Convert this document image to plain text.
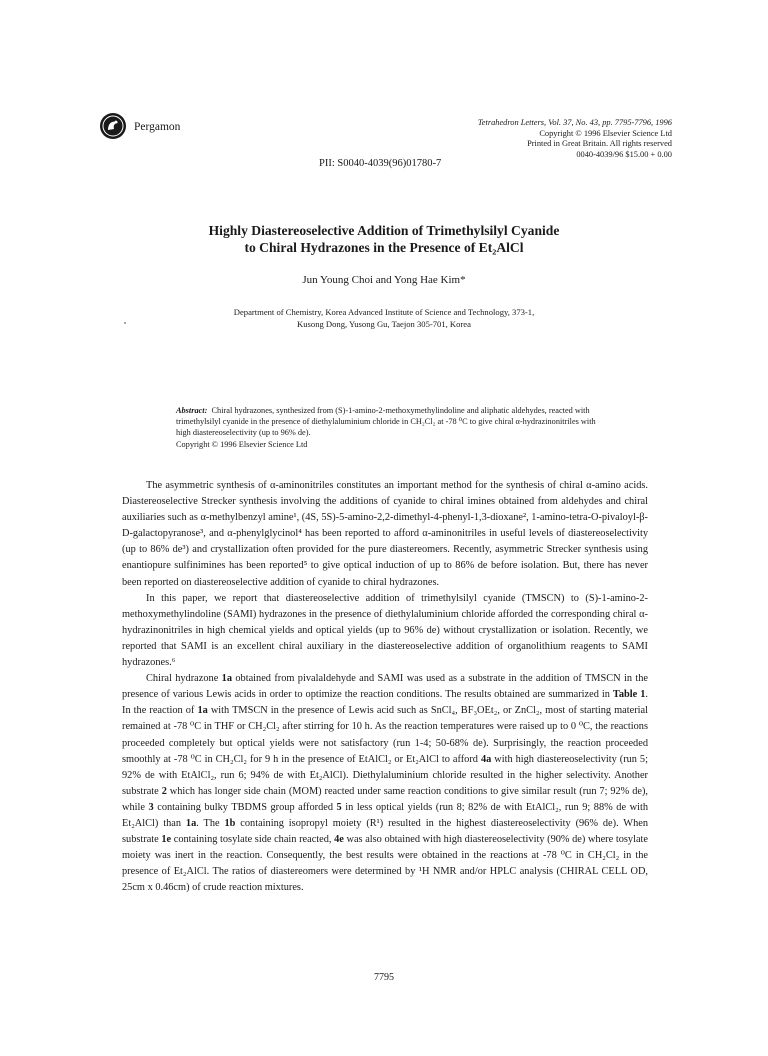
Pergamon	Tetrahedron Letters, Vol. 37, No. 43, pp. 7795-7796, 1996
Copyright © 1996 Elsevier Science Ltd
Printed in Great Britain. All rights reserved
0040-4039/96 $15.00 + 0.00
PII: S0040-4039(96)01780-7
Highly Diastereoselective Addition of Trimethylsilyl Cyanide
to Chiral Hydrazones in the Presence of Et₂AlCl
Jun Young Choi and Yong Hae Kim*
Department of Chemistry, Korea Advanced Institute of Science and Technology, 373-1,
Kusong Dong, Yusong Gu, Taejon 305-701, Korea
Abstract: Chiral hydrazones, synthesized from (S)-1-amino-2-methoxymethylindoline and aliphatic aldehydes, reacted with trimethylsilyl cyanide in the presence of diethylaluminium chloride in CH₂Cl₂ at -78 ⁰C to give chiral α-hydrazinonitriles with high diastereoselectivity (up to 96% de).
Copyright © 1996 Elsevier Science Ltd

The asymmetric synthesis of α-aminonitriles constitutes an important method for the synthesis of chiral α-amino acids. Diastereoselective Strecker synthesis involving the additions of cyanide to chiral imines obtained from aldehydes and chiral auxiliaries such as α-methylbenzyl amine¹, (4S, 5S)-5-amino-2,2-dimethyl-4-phenyl-1,3-dioxane², 1-amino-tetra-O-pivaloyl-β-D-galactopyranose³, and α-phenylglycinol⁴ has been reported to afford α-aminonitriles in useful levels of diastereoselectivity (up to 86% de³) and crystallization often provided for the pure diastereomers. Recently, asymmetric Strecker synthesis using enantiopure sulfinimines has been reported⁵ to give optical induction of up to 86% de before isolation. But, there has never been reported on diastereoselective addition of cyanide to chiral hydrazones.

In this paper, we report that diastereoselective addition of trimethylsilyl cyanide (TMSCN) to (S)-1-amino-2-methoxymethylindoline (SAMI) hydrazones in the presence of diethylaluminium chloride afforded the corresponding chiral α-hydrazinonitriles in high chemical yields and optical yields (up to 96% de) without crystallization or isolation. Recently, we reported that SAMI is an excellent chiral auxiliary in the diastereoselective addition of organolithium reagents to SAMI hydrazones.⁶

Chiral hydrazone 1a obtained from pivalaldehyde and SAMI was used as a substrate in the addition of TMSCN in the presence of various Lewis acids in order to optimize the reaction conditions. The results obtained are summarized in Table 1. In the reaction of 1a with TMSCN in the presence of Lewis acid such as SnCl₄, BF₃OEt₂, or ZnCl₂, most of starting material remained at -78 ⁰C in THF or CH₂Cl₂ after stirring for 10 h. As the reaction temperatures were raised up to 0 ⁰C, the reactions proceeded completely but optical yields were not satisfactory (run 1-4; 50-68% de). Surprisingly, the reaction proceeded smoothly at -78 ⁰C in CH₂Cl₂ for 9 h in the presence of EtAlCl₂ or Et₂AlCl to afford 4a with high diastereoselectivity (run 5; 92% de with EtAlCl₂, run 6; 94% de with Et₂AlCl). Diethylaluminium chloride resulted in the higher selectivity. Another substrate 2 which has longer side chain (MOM) reacted under same reaction conditions to give similar result (run 7; 92% de), while 3 containing bulky TBDMS group afforded 5 in less optical yields (run 8; 82% de with EtAlCl₂, run 9; 88% de with Et₂AlCl) than 1a. The 1b containing isopropyl moiety (R¹) resulted in the highest diastereoselectivity (96% de). When substrate 1e containing tosylate side chain reacted, 4e was also obtained with high diastereoselectivity (90% de) where tosylate moiety was inert in the reaction. Consequently, the best results were obtained in the reactions at -78 ⁰C in CH₂Cl₂ in the presence of Et₂AlCl. The ratios of diastereomers were determined by ¹H NMR and/or HPLC analysis (CHIRAL CELL OD, 25cm x 0.46cm) of crude reaction mixtures.

7795
